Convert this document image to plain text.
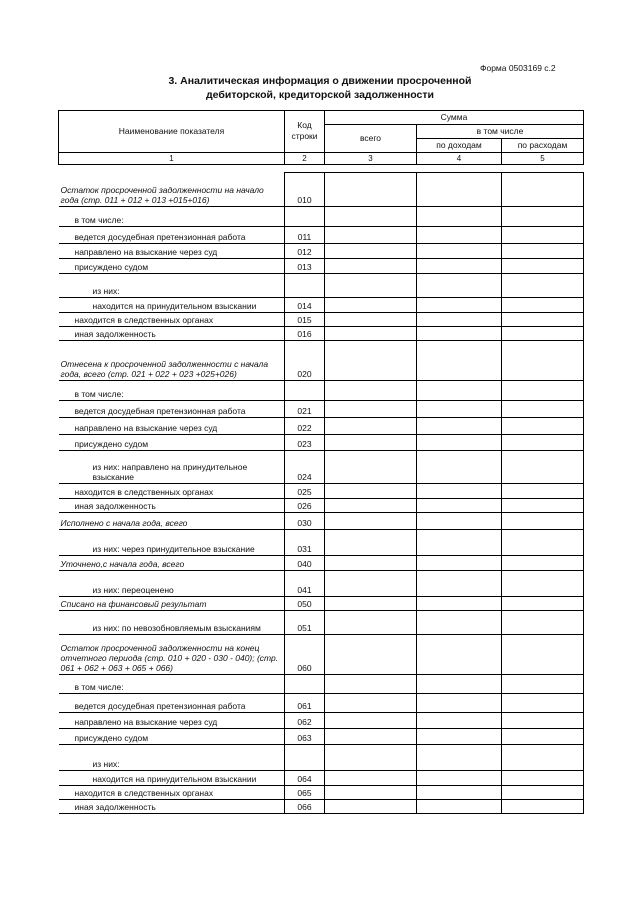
Форма 0503169 с.2
3. Аналитическая информация о движении просроченной
дебиторской, кредиторской задолженности
Наименование показателя	Код строки	Сумма		
		всего	в том числе	
			по доходам	по расходам
1	2	3	4	5

Остаток просроченной задолженности на начало года (стр. 011 + 012 + 013 +015+016)	010			
в том числе:				
ведется досудебная претензионная работа	011			
направлено на взыскание через суд	012			
присуждено судом	013			
из них:				
находится на принудительном взыскании	014			
находится в следственных органах	015			
иная задолженность	016			
Отнесена к просроченной задолженности с начала года, всего (стр. 021 + 022 + 023 +025+026)	020			
в том числе:				
ведется досудебная претензионная работа	021			
направлено на взыскание через суд	022			
присуждено судом	023			
из них: направлено на принудительное взыскание	024			
находится в следственных органах	025			
иная задолженность	026			
Исполнено с начала года, всего	030			
из них: через принудительное взыскание	031			
Уточнено,с начала года, всего	040			
из них: переоценено	041			
Списано на финансовый результат	050			
из них: по невозобновляемым взысканиям	051			
Остаток просроченной задолженности на конец отчетного периода (стр. 010 + 020 - 030 - 040); (стр. 061 + 062 + 063 + 065 + 066)	060			
в том числе:				
ведется досудебная претензионная работа	061			
направлено на взыскание через суд	062			
присуждено судом	063			
из них:				
находится на принудительном взыскании	064			
находится в следственных органах	065			
иная задолженность	066			
